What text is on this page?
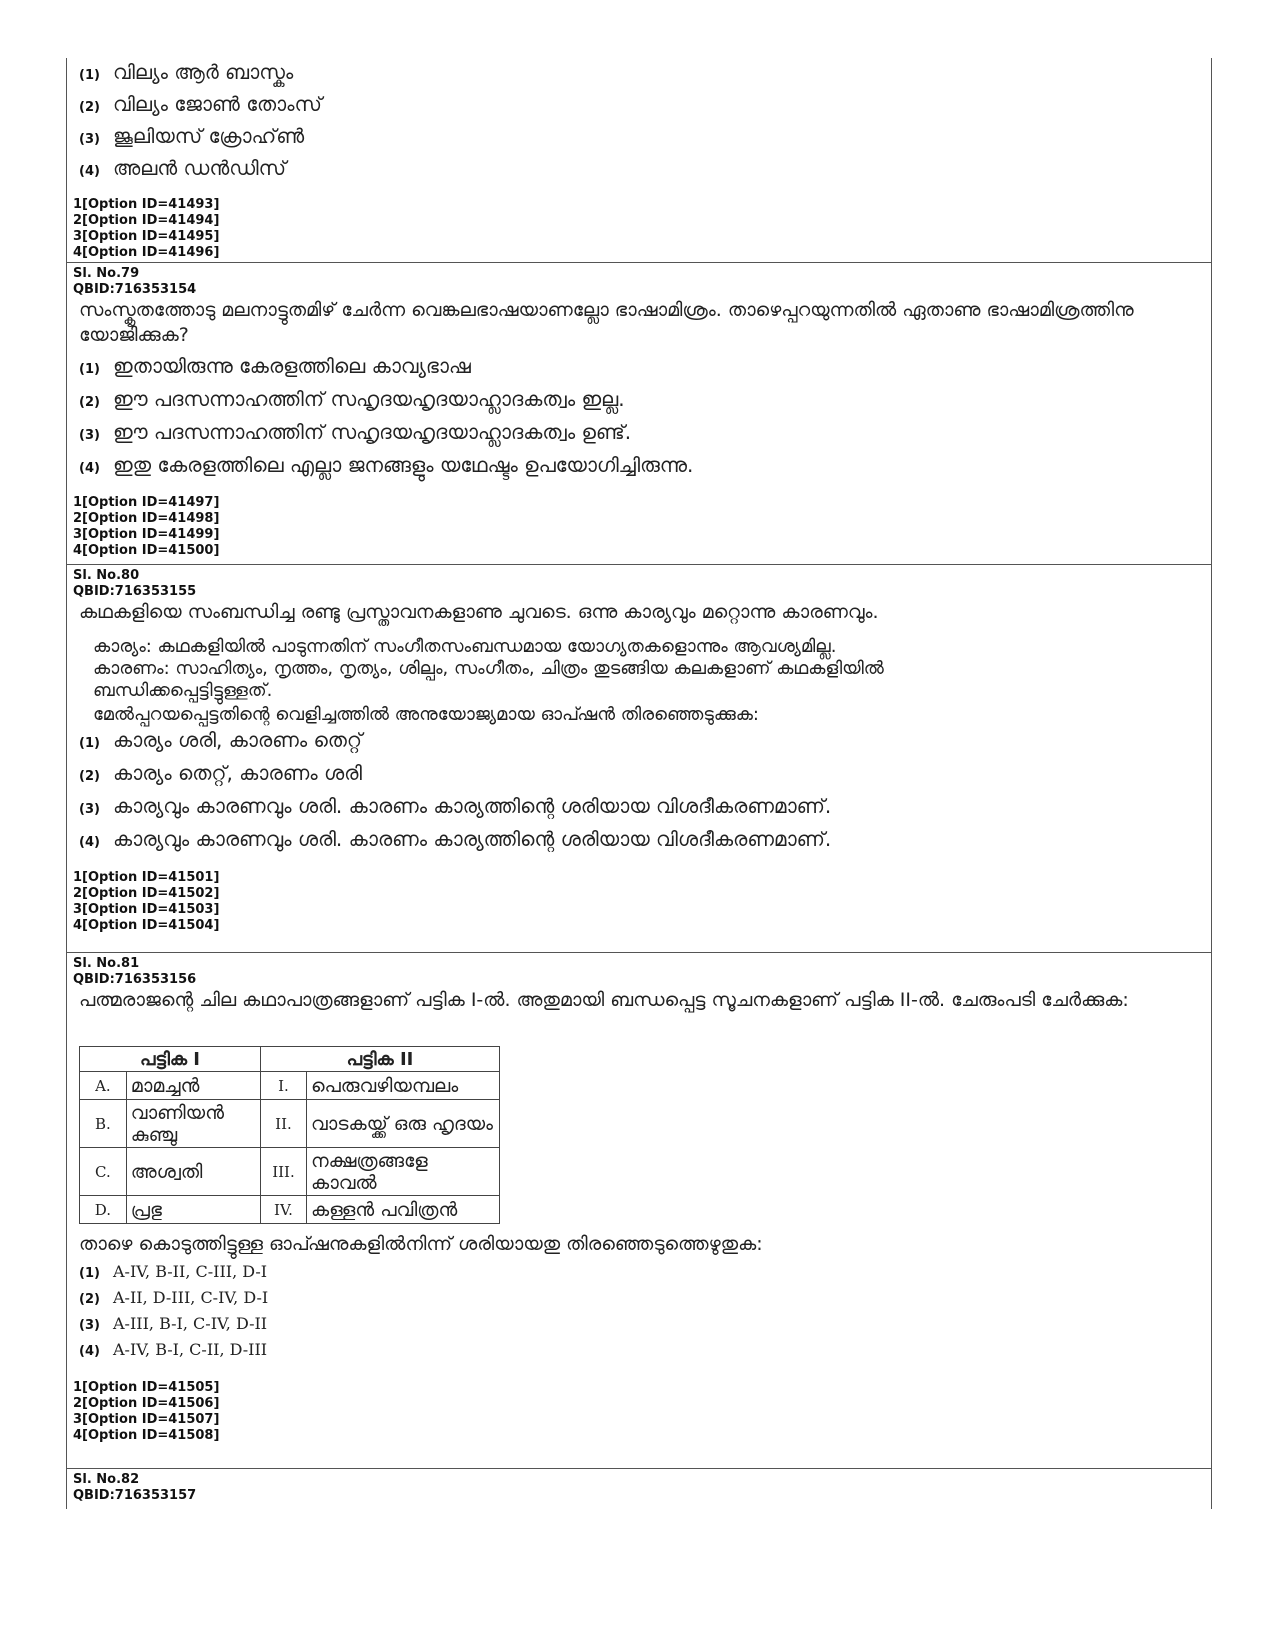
(1) വില്യം ആർ ബാസ്കം
(2) വില്യം ജോൺ തോംസ്
(3) ജൂലിയസ് ക്രോഹ്ൺ
(4) അലൻ ഡൻഡിസ്
1[Option ID=41493]
2[Option ID=41494]
3[Option ID=41495]
4[Option ID=41496]
Sl. No.79
QBID:716353154
സംസ്കൃതത്തോടു മലനാട്ടുതമിഴ് ചേർന്ന വെങ്കലഭാഷയാണല്ലോ ഭാഷാമിശ്രം. താഴെപ്പറയുന്നതിൽ ഏതാണു ഭാഷാമിശ്രത്തിനു യോജിക്കുക?
(1) ഇതായിരുന്നു കേരളത്തിലെ കാവ്യഭാഷ
(2) ഈ പദസന്നാഹത്തിന് സഹൃദയഹൃദയാഹ്ലാദകത്വം ഇല്ല.
(3) ഈ പദസന്നാഹത്തിന് സഹൃദയഹൃദയാഹ്ലാദകത്വം ഉണ്ട്.
(4) ഇതു കേരളത്തിലെ എല്ലാ ജനങ്ങളും യഥേഷ്ടം ഉപയോഗിച്ചിരുന്നു.
1[Option ID=41497]
2[Option ID=41498]
3[Option ID=41499]
4[Option ID=41500]
Sl. No.80
QBID:716353155
കഥകളിയെ സംബന്ധിച്ച രണ്ടു പ്രസ്താവനകളാണു ചുവടെ. ഒന്നു കാര്യവും മറ്റൊന്നു കാരണവും.
കാര്യം: കഥകളിയിൽ പാടുന്നതിന് സംഗീതസംബന്ധമായ യോഗ്യതകളൊന്നും ആവശ്യമില്ല.
കാരണം: സാഹിത്യം, നൃത്തം, നൃത്യം, ശില്പം, സംഗീതം, ചിത്രം തുടങ്ങിയ കലകളാണ് കഥകളിയിൽ ബന്ധിക്കപ്പെട്ടിട്ടുള്ളത്.
മേൽപ്പറയപ്പെട്ടതിന്റെ വെളിച്ചത്തിൽ അനുയോജ്യമായ ഓപ്ഷൻ തിരഞ്ഞെടുക്കുക:
(1) കാര്യം ശരി, കാരണം തെറ്റ്
(2) കാര്യം തെറ്റ്, കാരണം ശരി
(3) കാര്യവും കാരണവും ശരി. കാരണം കാര്യത്തിന്റെ ശരിയായ വിശദീകരണമാണ്.
(4) കാര്യവും കാരണവും ശരി. കാരണം കാര്യത്തിന്റെ ശരിയായ വിശദീകരണമാണ്.
1[Option ID=41501]
2[Option ID=41502]
3[Option ID=41503]
4[Option ID=41504]
Sl. No.81
QBID:716353156
പത്മരാജന്റെ ചില കഥാപാത്രങ്ങളാണ് പട്ടിക I-ൽ. അതുമായി ബന്ധപ്പെട്ട സൂചനകളാണ് പട്ടിക II-ൽ. ചേരുംപടി ചേർക്കുക:
പട്ടിക I		പട്ടിക II	
A.	മാമച്ചൻ	I.	പെരുവഴിയമ്പലം
B.	വാണിയൻ കുഞ്ചു	II.	വാടകയ്ക്ക് ഒരു ഹൃദയം
C.	അശ്വതി	III.	നക്ഷത്രങ്ങളേ കാവൽ
D.	പ്രഭു	IV.	കള്ളൻ പവിത്രൻ
താഴെ കൊടുത്തിട്ടുള്ള ഓപ്ഷനുകളിൽനിന്ന് ശരിയായതു തിരഞ്ഞെടുത്തെഴുതുക:
(1) A-IV, B-II, C-III, D-I
(2) A-II, D-III, C-IV, D-I
(3) A-III, B-I, C-IV, D-II
(4) A-IV, B-I, C-II, D-III
1[Option ID=41505]
2[Option ID=41506]
3[Option ID=41507]
4[Option ID=41508]
Sl. No.82
QBID:716353157
